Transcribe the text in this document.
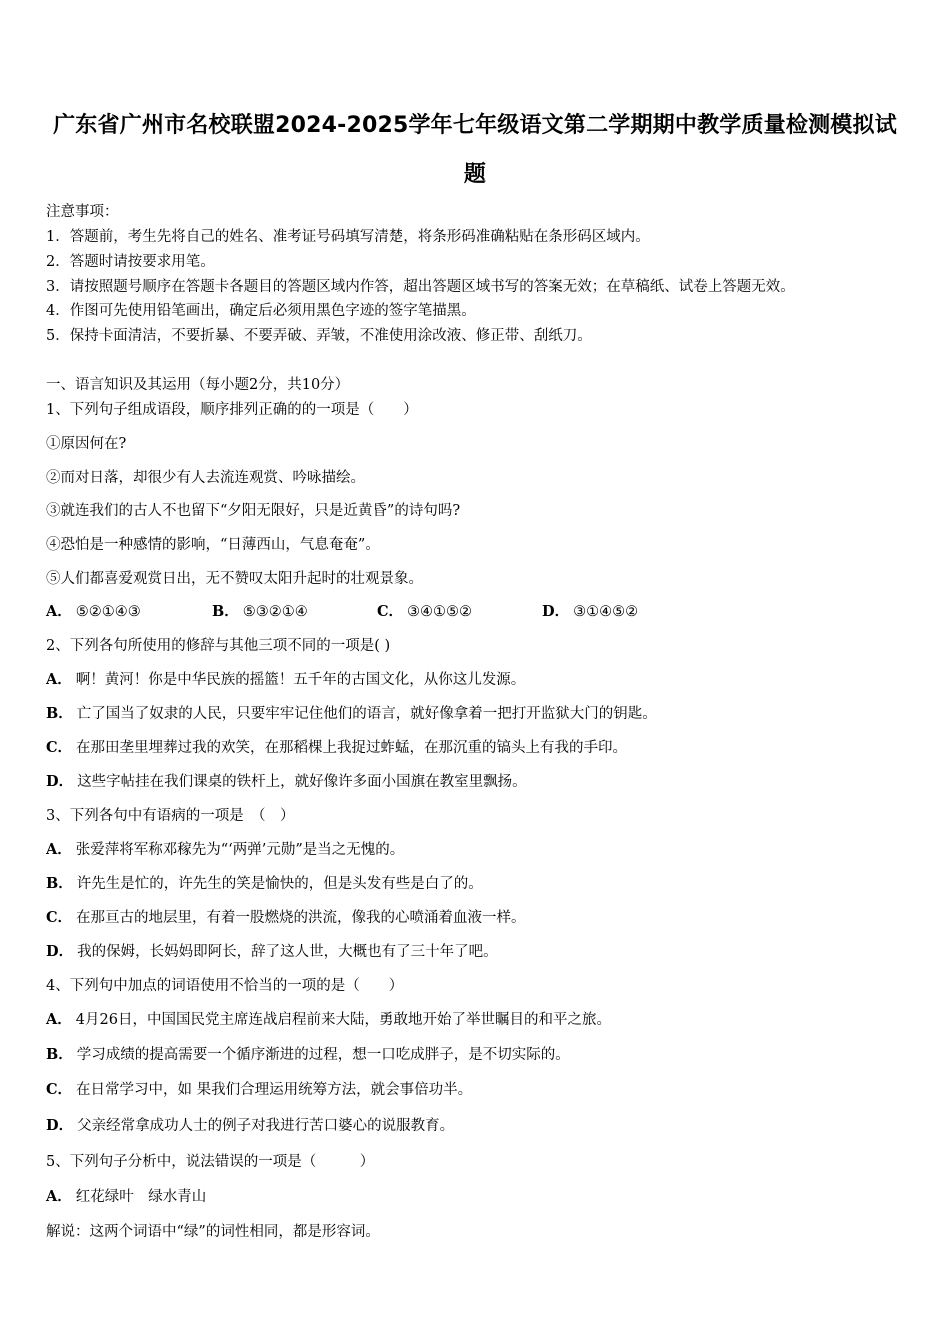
广东省广州市名校联盟2024-2025学年七年级语文第二学期期中教学质量检测模拟试
题
注意事项：
1．答题前，考生先将自己的姓名、准考证号码填写清楚，将条形码准确粘贴在条形码区域内。
2．答题时请按要求用笔。
3．请按照题号顺序在答题卡各题目的答题区域内作答，超出答题区域书写的答案无效；在草稿纸、试卷上答题无效。
4．作图可先使用铅笔画出，确定后必须用黑色字迹的签字笔描黑。
5．保持卡面清洁，不要折暴、不要弄破、弄皱，不准使用涂改液、修正带、刮纸刀。
一、语言知识及其运用（每小题2分，共10分）
1、下列句子组成语段，顺序排列正确的的一项是（　　）
①原因何在?
②而对日落，却很少有人去流连观赏、吟咏描绘。
③就连我们的古人不也留下“夕阳无限好，只是近黄昏”的诗句吗?
④恐怕是一种感情的影响，“日薄西山，气息奄奄”。
⑤人们都喜爱观赏日出，无不赞叹太阳升起时的壮观景象。
A． ⑤②①④③	B． ⑤③②①④	C． ③④①⑤②	D． ③①④⑤②
2、下列各句所使用的修辞与其他三项不同的一项是( )
A． 啊！黄河！你是中华民族的摇篮！五千年的古国文化，从你这儿发源。
B． 亡了国当了奴隶的人民，只要牢牢记住他们的语言，就好像拿着一把打开监狱大门的钥匙。
C． 在那田垄里埋葬过我的欢笑，在那稻棵上我捉过蚱蜢，在那沉重的镐头上有我的手印。
D． 这些字帖挂在我们课桌的铁杆上，就好像许多面小国旗在教室里飘扬。
3、下列各句中有语病的一项是　（　）
A． 张爱萍将军称邓稼先为“‘两弹’元勋”是当之无愧的。
B． 许先生是忙的，许先生的笑是愉快的，但是头发有些是白了的。
C． 在那亘古的地层里，有着一股燃烧的洪流，像我的心喷涌着血液一样。
D． 我的保姆，长妈妈即阿长，辞了这人世，大概也有了三十年了吧。
4、下列句中加点的词语使用不恰当的一项的是（　　）
A． 4月26日，中国国民党主席连战启程前来大陆，勇敢地开始了举世瞩目的和平之旅。
B． 学习成绩的提高需要一个循序渐进的过程，想一口吃成胖子，是不切实际的。
C． 在日常学习中，如 果我们合理运用统筹方法，就会事倍功半。
D． 父亲经常拿成功人士的例子对我进行苦口婆心的说服教育。
5、下列句子分析中，说法错误的一项是（　　　）
A． 红花绿叶　绿水青山
解说：这两个词语中“绿”的词性相同，都是形容词。
